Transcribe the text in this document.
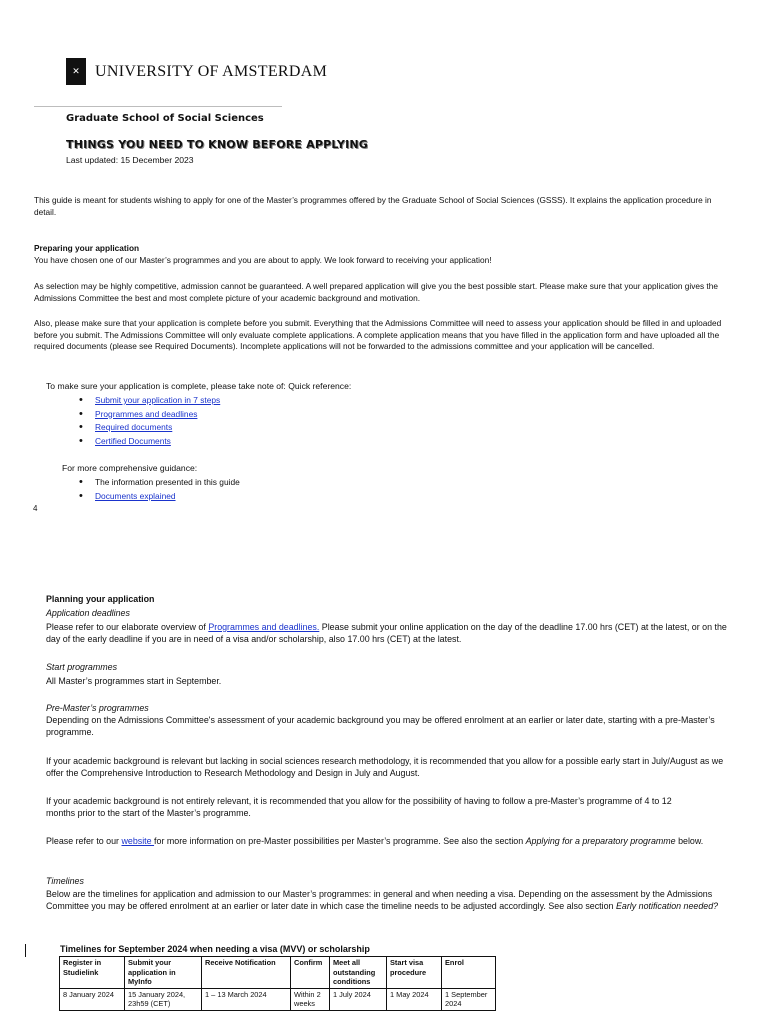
✕ UNIVERSITY OF AMSTERDAM
Graduate School of Social Sciences
THINGS YOU NEED TO KNOW BEFORE APPLYING
Last updated: 15 December 2023

This guide is meant for students wishing to apply for one of the Master’s programmes offered by the Graduate School of Social Sciences (GSSS). It explains the application procedure in detail.

Preparing your application

You have chosen one of our Master’s programmes and you are about to apply. We look forward to receiving your application!

As selection may be highly competitive, admission cannot be guaranteed. A well prepared application will give you the best possible start. Please make sure that your application gives the Admissions Committee the best and most complete picture of your academic background and motivation.

Also, please make sure that your application is complete before you submit. Everything that the Admissions Committee will need to assess your application should be filled in and uploaded before you submit. The Admissions Committee will only evaluate complete applications. A complete application means that you have filled in the application form and have uploaded all the required documents (please see Required Documents). Incomplete applications will not be forwarded to the admissions committee and your application will be cancelled.

To make sure your application is complete, please take note of: Quick reference:

• Submit your application in 7 steps
• Programmes and deadlines
• Required documents
• Certified Documents

For more comprehensive guidance:

• The information presented in this guide
• Documents explained
4

Planning your application

Application deadlines

Please refer to our elaborate overview of Programmes and deadlines. Please submit your online application on the day of the deadline 17.00 hrs (CET) at the latest, or on the day of the early deadline if you are in need of a visa and/or scholarship, also 17.00 hrs (CET) at the latest.

Start programmes

All Master’s programmes start in September.

Pre-Master’s programmes

Depending on the Admissions Committee's assessment of your academic background you may be offered enrolment at an earlier or later date, starting with a pre-Master’s programme.

If your academic background is relevant but lacking in social sciences research methodology, it is recommended that you allow for a possible early start in July/August as we offer the Comprehensive Introduction to Research Methodology and Design in July and August.

If your academic background is not entirely relevant, it is recommended that you allow for the possibility of having to follow a pre-Master’s programme of 4 to 12 months prior to the start of the Master’s programme.

Please refer to our website for more information on pre-Master possibilities per Master’s programme. See also the section Applying for a preparatory programme below.

Timelines

Below are the timelines for application and admission to our Master’s programmes: in general and when needing a visa. Depending on the assessment by the Admissions Committee you may be offered enrolment at an earlier or later date in which case the timeline needs to be adjusted accordingly. See also section Early notification needed?

Timelines for September 2024 when needing a visa (MVV) or scholarship
Register in Studielink	Submit your application in MyInfo	Receive Notification	Confirm	Meet all outstanding conditions	Start visa procedure	Enrol
8 January 2024	15 January 2024, 23h59 (CET)	1 – 13 March 2024	Within 2 weeks	1 July 2024	1 May 2024	1 September 2024
